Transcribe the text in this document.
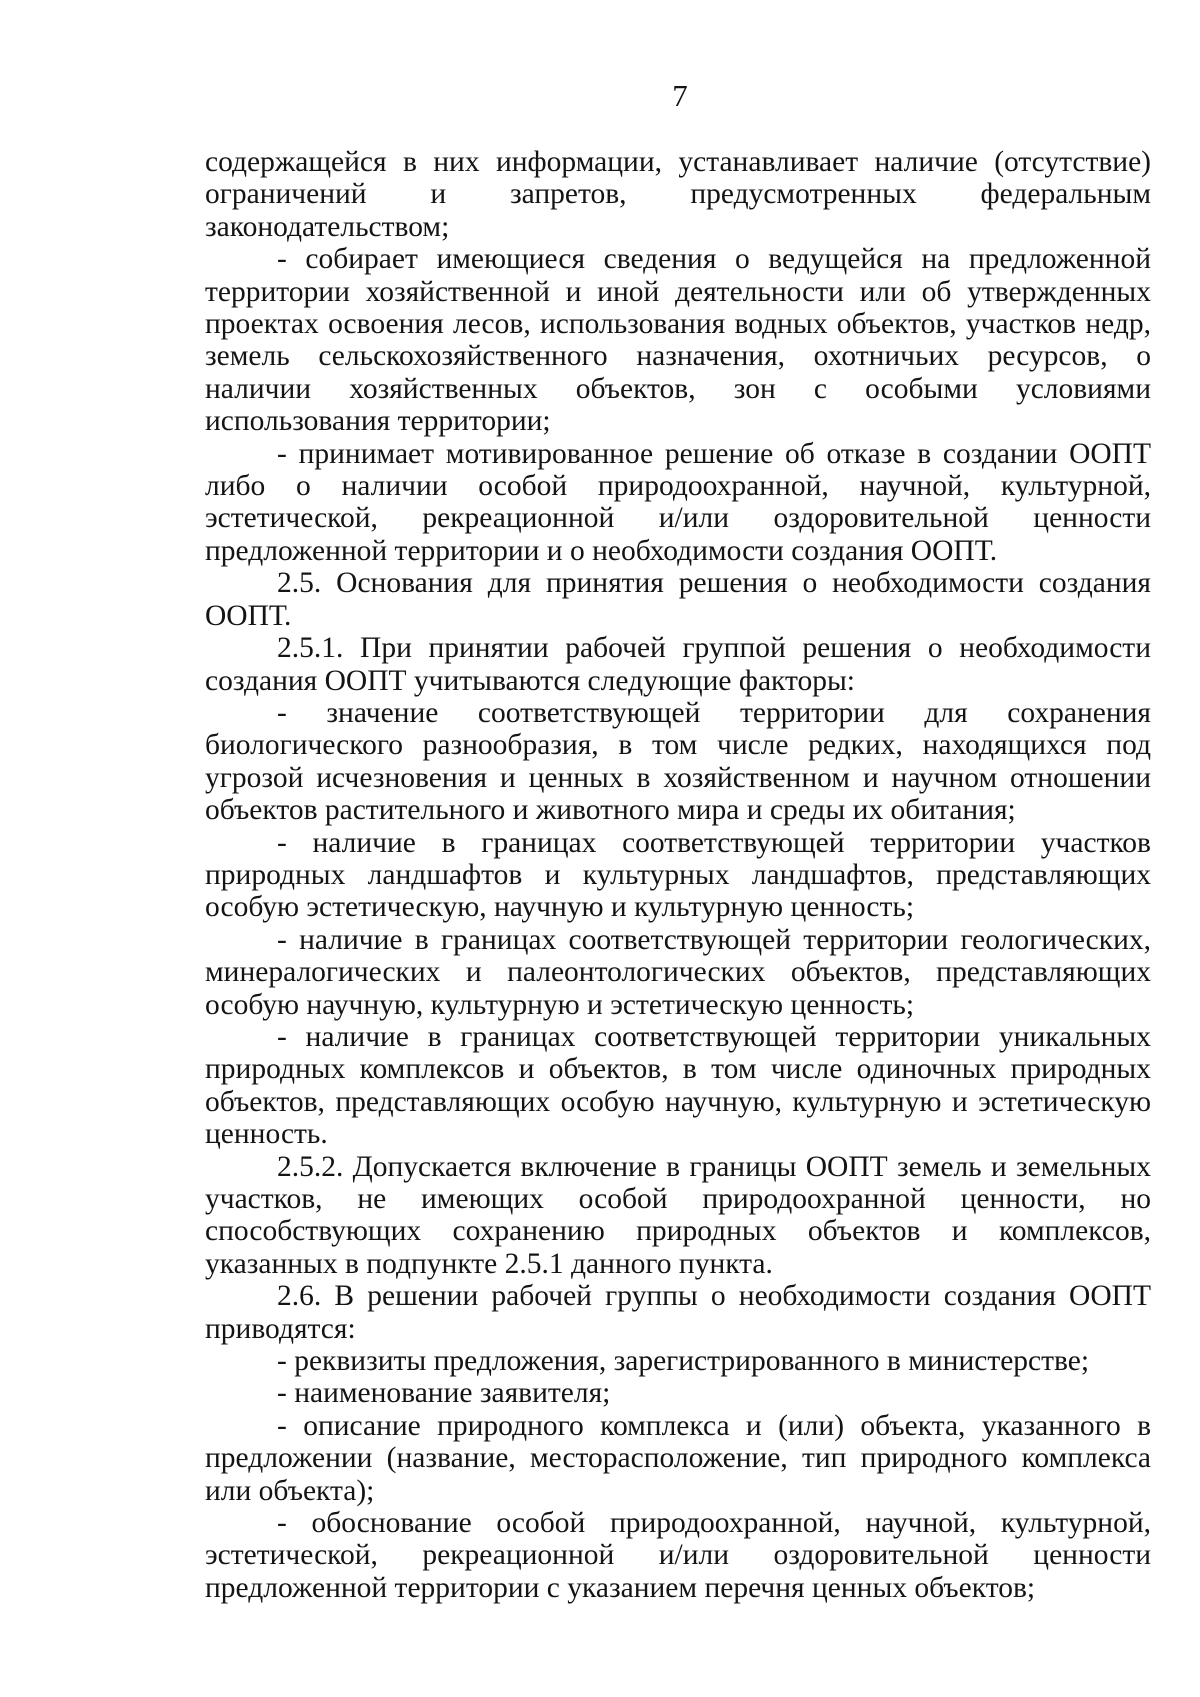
7

содержащейся в них информации, устанавливает наличие (отсутствие) ограничений и запретов, предусмотренных федеральным законодательством;

- собирает имеющиеся сведения о ведущейся на предложенной территории хозяйственной и иной деятельности или об утвержденных проектах освоения лесов, использования водных объектов, участков недр, земель сельскохозяйственного назначения, охотничьих ресурсов, о наличии хозяйственных объектов, зон с особыми условиями использования территории;

- принимает мотивированное решение об отказе в создании ООПТ либо о наличии особой природоохранной, научной, культурной, эстетической, рекреационной и/или оздоровительной ценности предложенной территории и о необходимости создания ООПТ.

2.5. Основания для принятия решения о необходимости создания ООПТ.

2.5.1. При принятии рабочей группой решения о необходимости создания ООПТ учитываются следующие факторы:

- значение соответствующей территории для сохранения биологического разнообразия, в том числе редких, находящихся под угрозой исчезновения и ценных в хозяйственном и научном отношении объектов растительного и животного мира и среды их обитания;

- наличие в границах соответствующей территории участков природных ландшафтов и культурных ландшафтов, представляющих особую эстетическую, научную и культурную ценность;

- наличие в границах соответствующей территории геологических, минералогических и палеонтологических объектов, представляющих особую научную, культурную и эстетическую ценность;

- наличие в границах соответствующей территории уникальных природных комплексов и объектов, в том числе одиночных природных объектов, представляющих особую научную, культурную и эстетическую ценность.

2.5.2. Допускается включение в границы ООПТ земель и земельных участков, не имеющих особой природоохранной ценности, но способствующих сохранению природных объектов и комплексов, указанных в подпункте 2.5.1 данного пункта.

2.6. В решении рабочей группы о необходимости создания ООПТ приводятся:

- реквизиты предложения, зарегистрированного в министерстве;

- наименование заявителя;

- описание природного комплекса и (или) объекта, указанного в предложении (название, месторасположение, тип природного комплекса или объекта);

- обоснование особой природоохранной, научной, культурной, эстетической, рекреационной и/или оздоровительной ценности предложенной территории с указанием перечня ценных объектов;
